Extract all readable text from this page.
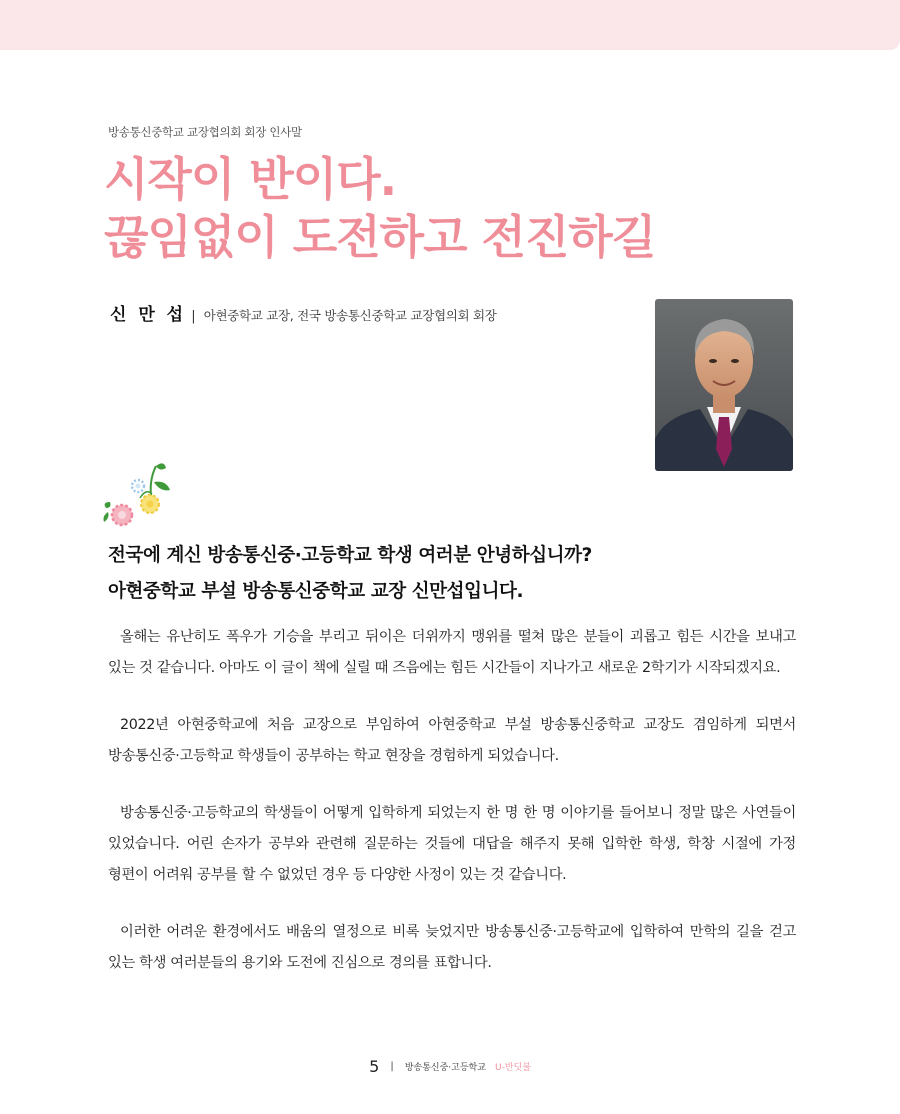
방송통신중학교 교장협의회 회장 인사말
시작이 반이다.
끊임없이 도전하고 전진하길
신 만 섭 | 아현중학교 교장, 전국 방송통신중학교 교장협의회 회장
전국에 계신 방송통신중·고등학교 학생 여러분 안녕하십니까?
아현중학교 부설 방송통신중학교 교장 신만섭입니다.

올해는 유난히도 폭우가 기승을 부리고 뒤이은 더위까지 맹위를 떨쳐 많은 분들이 괴롭고 힘든 시간을 보내고 있는 것 같습니다. 아마도 이 글이 책에 실릴 때 즈음에는 힘든 시간들이 지나가고 새로운 2학기가 시작되겠지요.

2022년 아현중학교에 처음 교장으로 부임하여 아현중학교 부설 방송통신중학교 교장도 겸임하게 되면서 방송통신중·고등학교 학생들이 공부하는 학교 현장을 경험하게 되었습니다.

방송통신중·고등학교의 학생들이 어떻게 입학하게 되었는지 한 명 한 명 이야기를 들어보니 정말 많은 사연들이 있었습니다. 어린 손자가 공부와 관련해 질문하는 것들에 대답을 해주지 못해 입학한 학생, 학창 시절에 가정 형편이 어려워 공부를 할 수 없었던 경우 등 다양한 사정이 있는 것 같습니다.

이러한 어려운 환경에서도 배움의 열정으로 비록 늦었지만 방송통신중·고등학교에 입학하여 만학의 길을 걷고 있는 학생 여러분들의 용기와 도전에 진심으로 경의를 표합니다.

5 | 방송통신중·고등학교 U-반딧불
